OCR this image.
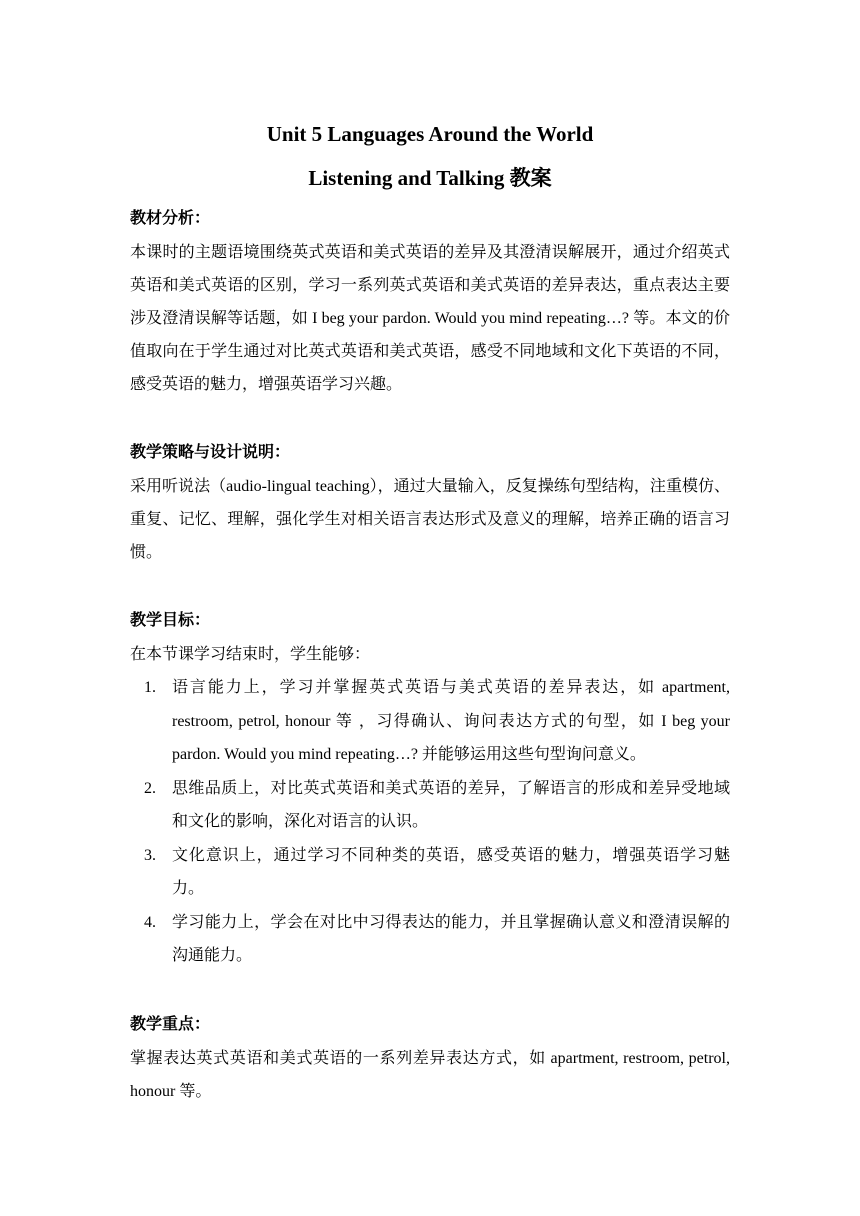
Unit 5 Languages Around the World
Listening and Talking 教案

教材分析：

本课时的主题语境围绕英式英语和美式英语的差异及其澄清误解展开，通过介绍英式英语和美式英语的区别，学习一系列英式英语和美式英语的差异表达，重点表达主要涉及澄清误解等话题，如 I beg your pardon. Would you mind repeating…? 等。本文的价值取向在于学生通过对比英式英语和美式英语，感受不同地域和文化下英语的不同，感受英语的魅力，增强英语学习兴趣。

教学策略与设计说明：

采用听说法（audio-lingual teaching），通过大量输入，反复操练句型结构，注重模仿、重复、记忆、理解，强化学生对相关语言表达形式及意义的理解，培养正确的语言习惯。

教学目标：

在本节课学习结束时，学生能够：

1. 语言能力上，学习并掌握英式英语与美式英语的差异表达，如 apartment, restroom, petrol, honour 等 ，习得确认、询问表达方式的句型，如 I beg your pardon. Would you mind repeating…? 并能够运用这些句型询问意义。
2. 思维品质上，对比英式英语和美式英语的差异，了解语言的形成和差异受地域和文化的影响，深化对语言的认识。
3. 文化意识上，通过学习不同种类的英语，感受英语的魅力，增强英语学习魅力。
4. 学习能力上，学会在对比中习得表达的能力，并且掌握确认意义和澄清误解的沟通能力。

教学重点：

掌握表达英式英语和美式英语的一系列差异表达方式，如 apartment, restroom, petrol, honour 等。
